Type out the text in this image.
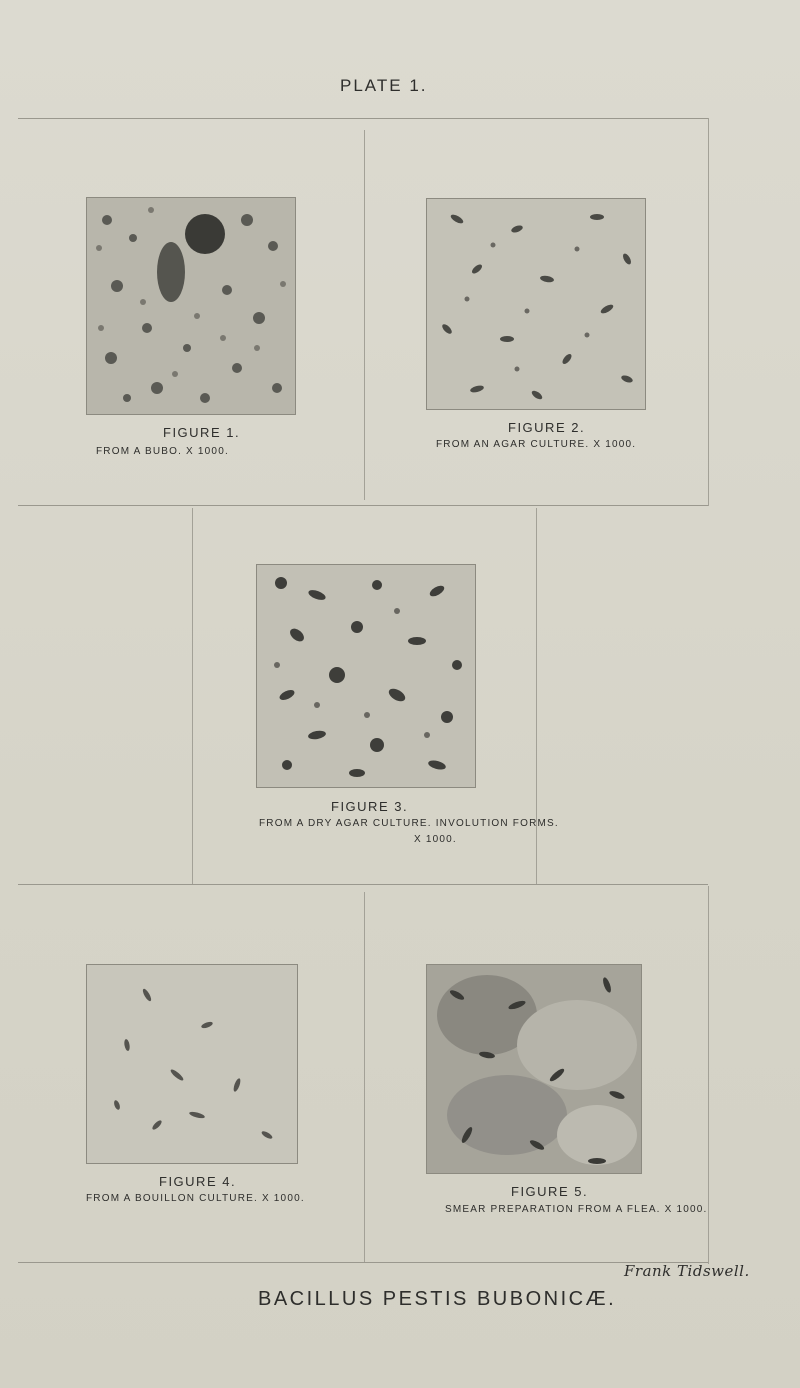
PLATE 1.
FIGURE 1.
FROM A BUBO. X 1000.
FIGURE 2.
FROM AN AGAR CULTURE. X 1000.
FIGURE 3.
FROM A DRY AGAR CULTURE. INVOLUTION FORMS.
X 1000.
FIGURE 4.
FROM A BOUILLON CULTURE. X 1000.	FIGURE 5.
SMEAR PREPARATION FROM A FLEA. X 1000.
Frank Tidswell.
BACILLUS PESTIS BUBONICÆ.
